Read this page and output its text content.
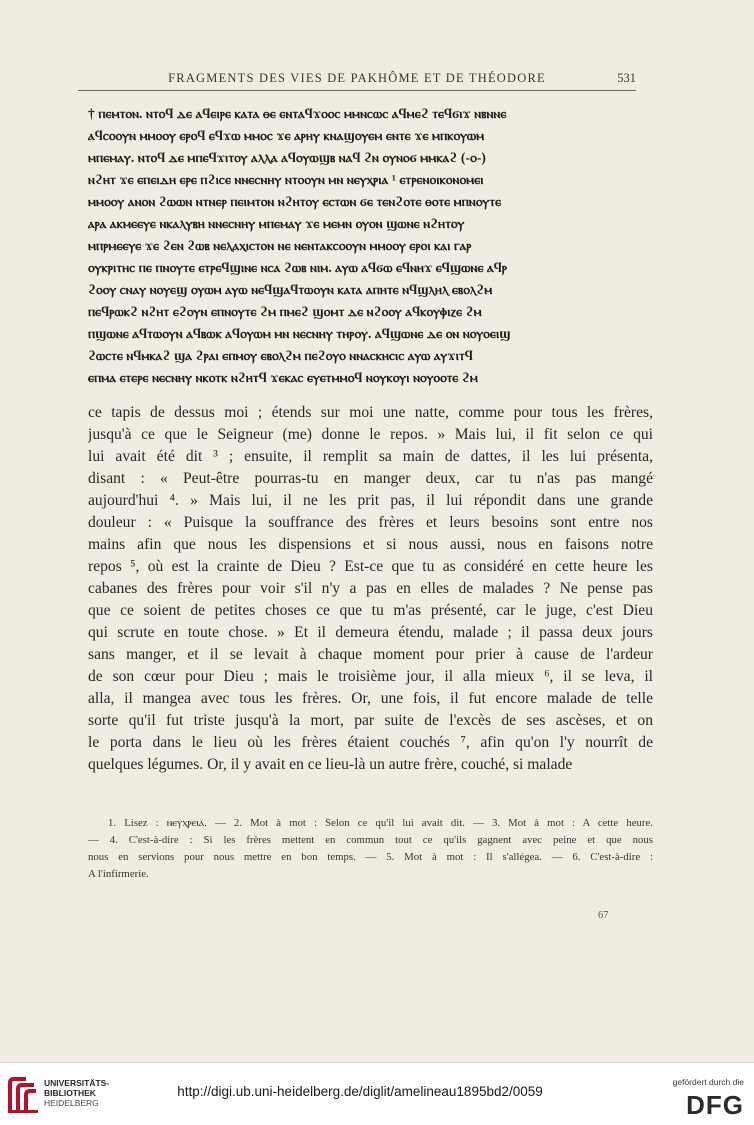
FRAGMENTS DES VIES DE PAKHÔME ET DE THÉODORE	531
† ⲡⲉⲙⲧⲟⲛ. ⲛⲧⲟϥ ⲇⲉ ⲁϥⲉⲓⲣⲉ ⲕⲁⲧⲁ ⲑⲉ ⲉⲛⲧⲁϥϫⲟⲟⲥ ⲙⲙⲛⲥⲱⲥ ⲁϥⲙⲉϩ ⲧⲉϥϭⲓϫ ⲛⲃⲛⲛⲉ
ⲁϥⲥⲟⲟⲩⲛ ⲙⲙⲟⲟⲩ ⲉⲣⲟϥ ⲉϥϫⲱ ⲙⲙⲟⲥ ϫⲉ ⲁⲣⲏⲩ ⲕⲛⲁϣⲟⲩⲉⲙ ⲉⲛⲧⲉ ϫⲉ ⲙⲡⲕⲟⲩⲱⲙ
ⲙⲡⲉⲙⲁⲩ. ⲛⲧⲟϥ ⲇⲉ ⲙⲡⲉϥϫⲓⲧⲟⲩ ⲁⲗⲗⲁ ⲁϥⲟⲩⲱϣⲃ ⲛⲁϥ ϩⲛ ⲟⲩⲛⲟϭ ⲙⲙⲕⲁϩ (-ⲟ-)
ⲛϩⲏⲧ ϫⲉ ⲉⲡⲉⲓⲇⲏ ⲉⲣⲉ ⲡϩⲓⲥⲉ ⲛⲛⲉⲥⲛⲏⲩ ⲛⲧⲟⲟⲩⲛ ⲙⲛ ⲛⲉⲩⲭⲣⲓⲁ ¹ ⲉⲧⲣⲉⲛⲟⲓⲕⲟⲛⲟⲙⲉⲓ
ⲙⲙⲟⲟⲩ ⲁⲛⲟⲛ ϩⲱⲱⲛ ⲛⲧⲛⲉⲣ ⲡⲉⲓⲙⲧⲟⲛ ⲛϩⲏⲧⲟⲩ ⲉⲥⲧⲱⲛ ϭⲉ ⲧⲉⲛϩⲟⲧⲉ ⲑⲟⲧⲉ ⲙⲡⲛⲟⲩⲧⲉ
ⲁⲣⲁ ⲁⲕⲙⲉⲉⲩⲉ ⲛⲕⲁⲗⲩⲃⲏ ⲛⲛⲉⲥⲛⲏⲩ ⲙⲡⲉⲙⲁⲩ ϫⲉ ⲙⲉⲙⲛ ⲟⲩⲟⲛ ϣⲱⲛⲉ ⲛϩⲏⲧⲟⲩ
ⲙⲡⲣⲙⲉⲉⲩⲉ ϫⲉ ϩⲉⲛ ϩⲱⲃ ⲛⲉⲗⲁⲭⲓⲥⲧⲟⲛ ⲛⲉ ⲛⲉⲛⲧⲁⲕⲥⲟⲟⲩⲛ ⲙⲙⲟⲟⲩ ⲉⲣⲟⲓ ⲕⲁⲓ ⲅⲁⲣ
ⲟⲩⲕⲣⲓⲧⲏⲥ ⲡⲉ ⲡⲛⲟⲩⲧⲉ ⲉⲧⲣⲉϥϣⲓⲛⲉ ⲛⲥⲁ ϩⲱⲃ ⲛⲓⲙ. ⲁⲩⲱ ⲁϥϭⲱ ⲉϥⲛⲏϫ ⲉϥϣⲱⲛⲉ ⲁϥⲣ
ϩⲟⲟⲩ ⲥⲛⲁⲩ ⲛⲟⲩⲉϣ ⲟⲩⲱⲙ ⲁⲩⲱ ⲛⲉϥϣⲁϥⲧⲱⲟⲩⲛ ⲕⲁⲧⲁ ⲁⲡⲏⲧⲉ ⲛϥϣⲗⲏⲗ ⲉⲃⲟⲗϩⲙ
ⲡⲉϥⲣⲱⲕϩ ⲛϩⲏⲧ ⲉϩⲟⲩⲛ ⲉⲡⲛⲟⲩⲧⲉ ϩⲙ ⲡⲙⲉϩ ϣⲟⲙⲧ ⲇⲉ ⲛϩⲟⲟⲩ ⲁϥⲕⲟⲩⲫⲓⲍⲉ ϩⲙ
ⲡϣⲱⲛⲉ ⲁϥⲧⲱⲟⲩⲛ ⲁϥⲃⲱⲕ ⲁϥⲟⲩⲱⲙ ⲙⲛ ⲛⲉⲥⲛⲏⲩ ⲧⲏⲣⲟⲩ. ⲁϥϣⲱⲛⲉ ⲇⲉ ⲟⲛ ⲛⲟⲩⲟⲉⲓϣ
ϩⲱⲥⲧⲉ ⲛϥⲙⲕⲁϩ ϣⲁ ϩⲣⲁⲓ ⲉⲡⲙⲟⲩ ⲉⲃⲟⲗϩⲙ ⲡⲉϩⲟⲩⲟ ⲛⲛⲁⲥⲕⲏⲥⲓⲥ ⲁⲩⲱ ⲁⲩϫⲓⲧϥ
ⲉⲡⲙⲁ ⲉⲧⲉⲣⲉ ⲛⲉⲥⲛⲏⲩ ⲛⲕⲟⲧⲕ ⲛϩⲏⲧϥ ϫⲉⲕⲁⲥ ⲉⲩⲉⲧⲙⲙⲟϥ ⲛⲟⲩⲕⲟⲩⲓ ⲛⲟⲩⲟⲟⲧⲉ ϩⲙ
ce tapis de dessus moi ; étends sur moi une natte, comme pour tous les frères,
jusqu'à ce que le Seigneur (me) donne le repos. » Mais lui, il fit selon ce qui
lui avait été dit ³ ; ensuite, il remplit sa main de dattes, il les lui présenta,
disant : « Peut-être pourras-tu en manger deux, car tu n'as pas mangé
aujourd'hui ⁴. » Mais lui, il ne les prit pas, il lui répondit dans une grande
douleur : « Puisque la souffrance des frères et leurs besoins sont entre nos
mains afin que nous les dispensions et si nous aussi, nous en faisons notre
repos ⁵, où est la crainte de Dieu ? Est-ce que tu as considéré en cette heure les
cabanes des frères pour voir s'il n'y a pas en elles de malades ? Ne pense pas
que ce soient de petites choses ce que tu m'as présenté, car le juge, c'est Dieu
qui scrute en toute chose. » Et il demeura étendu, malade ; il passa deux jours
sans manger, et il se levait à chaque moment pour prier à cause de l'ardeur
de son cœur pour Dieu ; mais le troisième jour, il alla mieux ⁶, il se leva, il
alla, il mangea avec tous les frères. Or, une fois, il fut encore malade de telle
sorte qu'il fut triste jusqu'à la mort, par suite de l'excès de ses ascèses, et on
le porta dans le lieu où les frères étaient couchés ⁷, afin qu'on l'y nourrît de
quelques légumes. Or, il y avait en ce lieu-là un autre frère, couché, si malade
1. Lisez : ⲛⲉⲩⲭⲣⲉⲓⲁ. — 2. Mot à mot : Selon ce qu'il lui avait dit. — 3. Mot à mot : A cette heure.
— 4. C'est-à-dire : Si les frères mettent en commun tout ce qu'ils gagnent avec peine et que nous
nous en servions pour nous mettre en bon temps. — 5. Mot à mot : Il s'allégea. — 6. C'est-à-dire :
A l'infirmerie.
67
UNIVERSITÄTS-
BIBLIOTHEK
HEIDELBERG
http://digi.ub.uni-heidelberg.de/diglit/amelineau1895bd2/0059
gefördert durch die
DFG
